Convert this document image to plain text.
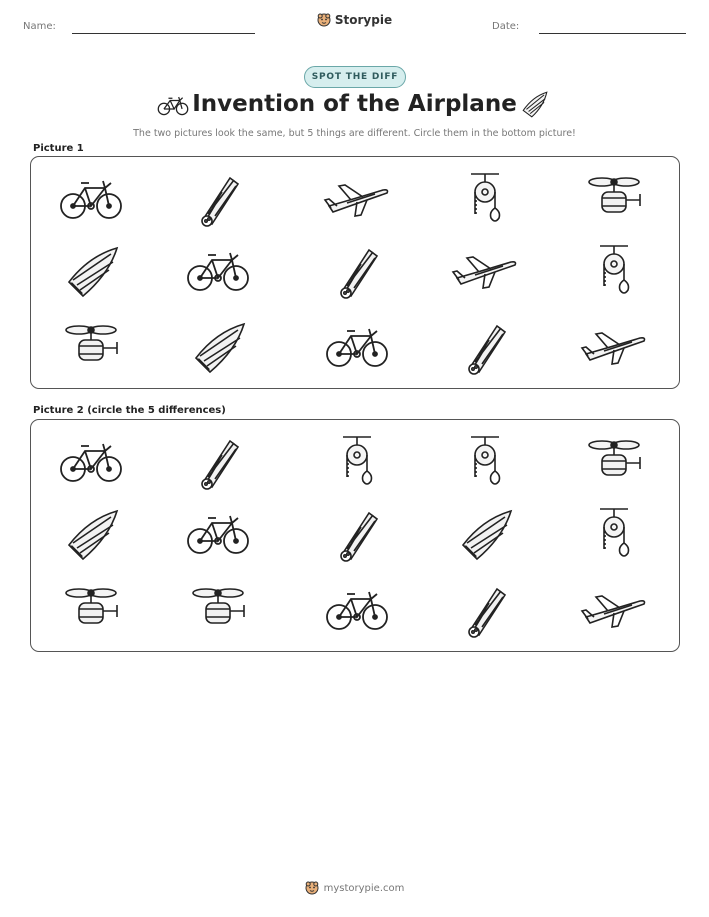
Name:	Storypie	Date:
SPOT THE DIFF
Invention of the Airplane
The two pictures look the same, but 5 things are different. Circle them in the bottom picture!
Picture 1
Picture 2 (circle the 5 differences)
mystorypie.com
